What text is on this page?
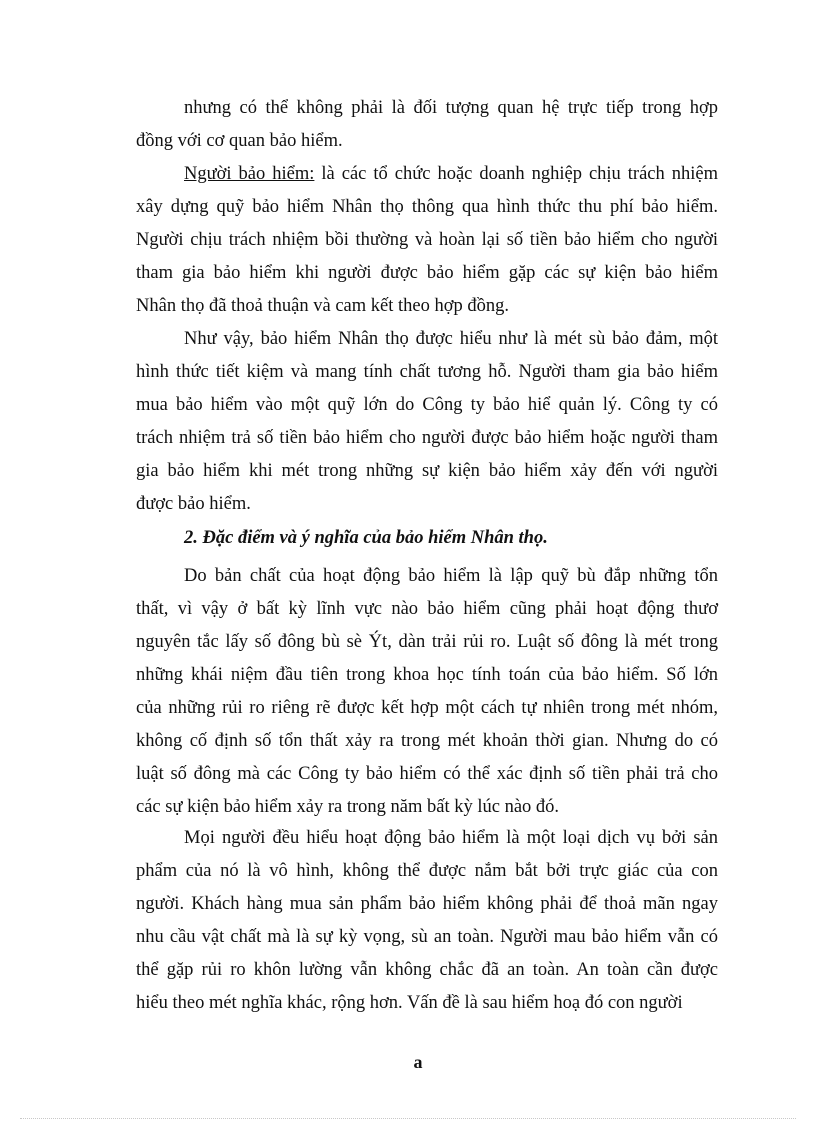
nhưng có thể không phải là đối tượng quan hệ trực tiếp trong hợp
đồng với cơ quan bảo hiểm.
Người bảo hiểm: là các tổ chức hoặc doanh nghiệp chịu trách nhiệm
xây dựng quỹ bảo hiểm Nhân thọ thông qua hình thức thu phí bảo hiểm.
Người chịu trách nhiệm bồi thường và hoàn lại số tiền bảo hiểm cho người
tham gia bảo hiểm khi người được bảo hiểm gặp các sự kiện bảo hiểm
Nhân thọ đã thoả thuận và cam kết theo hợp đồng.
Như vậy, bảo hiểm Nhân thọ được hiểu như là mét sù bảo đảm, một
hình thức tiết kiệm và mang tính chất tương hỗ. Người tham gia bảo hiểm
mua bảo hiểm vào một quỹ lớn do Công ty bảo hiể quản lý. Công ty có
trách nhiệm trả số tiền bảo hiểm cho người được bảo hiểm hoặc người tham
gia bảo hiểm khi mét trong những sự kiện bảo hiểm xảy đến với người
được bảo hiểm.
2. Đặc điểm và ý nghĩa của bảo hiểm Nhân thọ.
Do bản chất của hoạt động bảo hiểm là lập quỹ bù đắp những tổn
thất, vì vậy ở bất kỳ lĩnh vực nào bảo hiểm cũng phải hoạt động thươ
nguyên tắc lấy số đông bù sè Ýt, dàn trải rủi ro. Luật số đông là mét trong
những khái niệm đầu tiên trong khoa học tính toán của bảo hiểm. Số lớn
của những rủi ro riêng rẽ được kết hợp một cách tự nhiên trong mét nhóm,
không cố định số tổn thất xảy ra trong mét khoản thời gian. Nhưng do có
luật số đông mà các Công ty bảo hiểm có thể xác định số tiền phải trả cho
các sự kiện bảo hiểm xảy ra trong năm bất kỳ lúc nào đó.
Mọi người đều hiểu hoạt động bảo hiểm là một loại dịch vụ bởi sản
phẩm của nó là vô hình, không thể được nắm bắt bởi trực giác của con
người. Khách hàng mua sản phẩm bảo hiểm không phải để thoả mãn ngay
nhu cầu vật chất mà là sự kỳ vọng, sù an toàn. Người mau bảo hiểm vẫn có
thể gặp rủi ro khôn lường vẫn không chắc đã an toàn. An toàn cần được
hiểu theo mét nghĩa khác, rộng hơn. Vấn đề là sau hiểm hoạ đó con người
a
